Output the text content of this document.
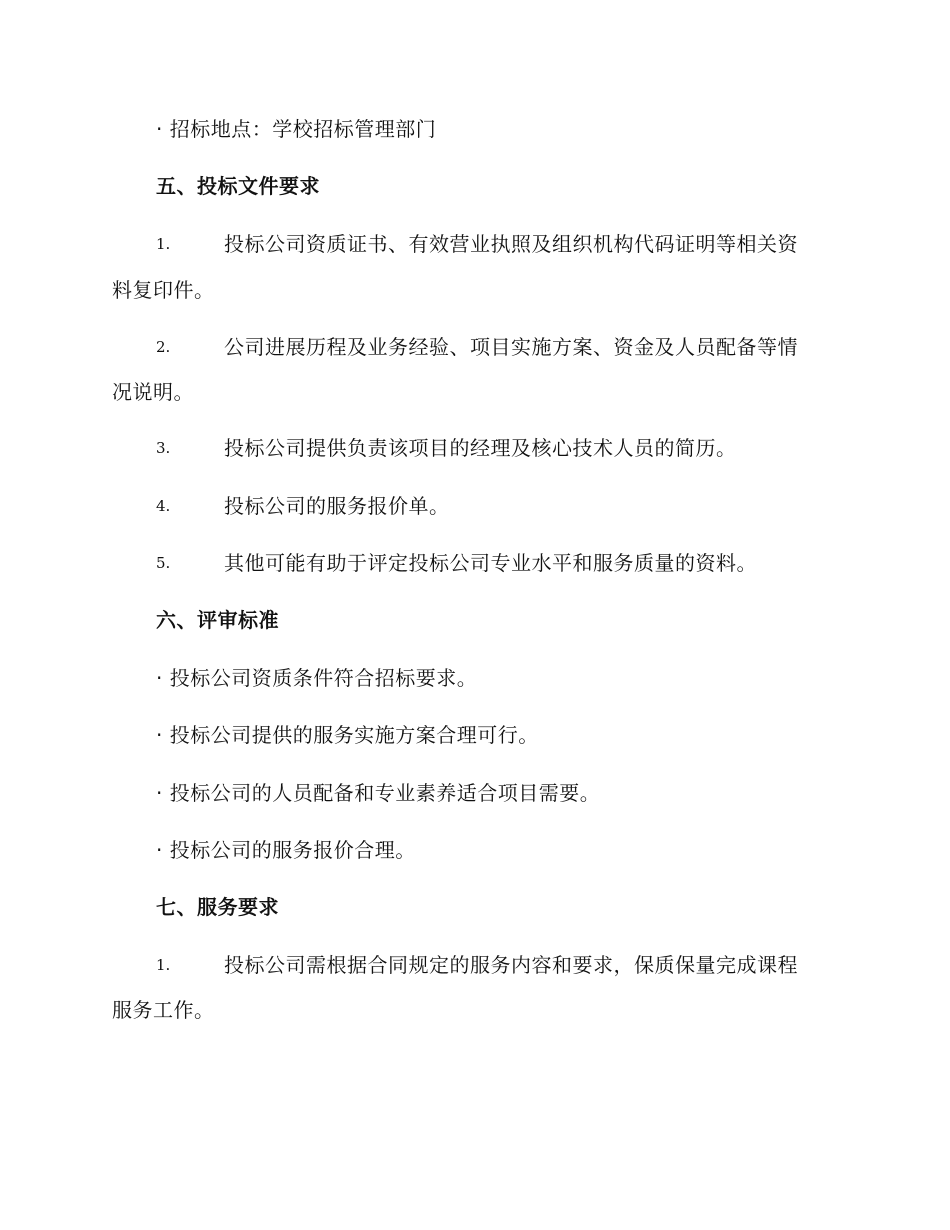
· 招标地点：学校招标管理部门
五、投标文件要求
1.	投标公司资质证书、有效营业执照及组织机构代码证明等相关资
料复印件。
2.	公司进展历程及业务经验、项目实施方案、资金及人员配备等情
况说明。
3.	投标公司提供负责该项目的经理及核心技术人员的简历。
4.	投标公司的服务报价单。
5.	其他可能有助于评定投标公司专业水平和服务质量的资料。
六、评审标准
· 投标公司资质条件符合招标要求。
· 投标公司提供的服务实施方案合理可行。
· 投标公司的人员配备和专业素养适合项目需要。
· 投标公司的服务报价合理。
七、服务要求
1.	投标公司需根据合同规定的服务内容和要求，保质保量完成课程
服务工作。
